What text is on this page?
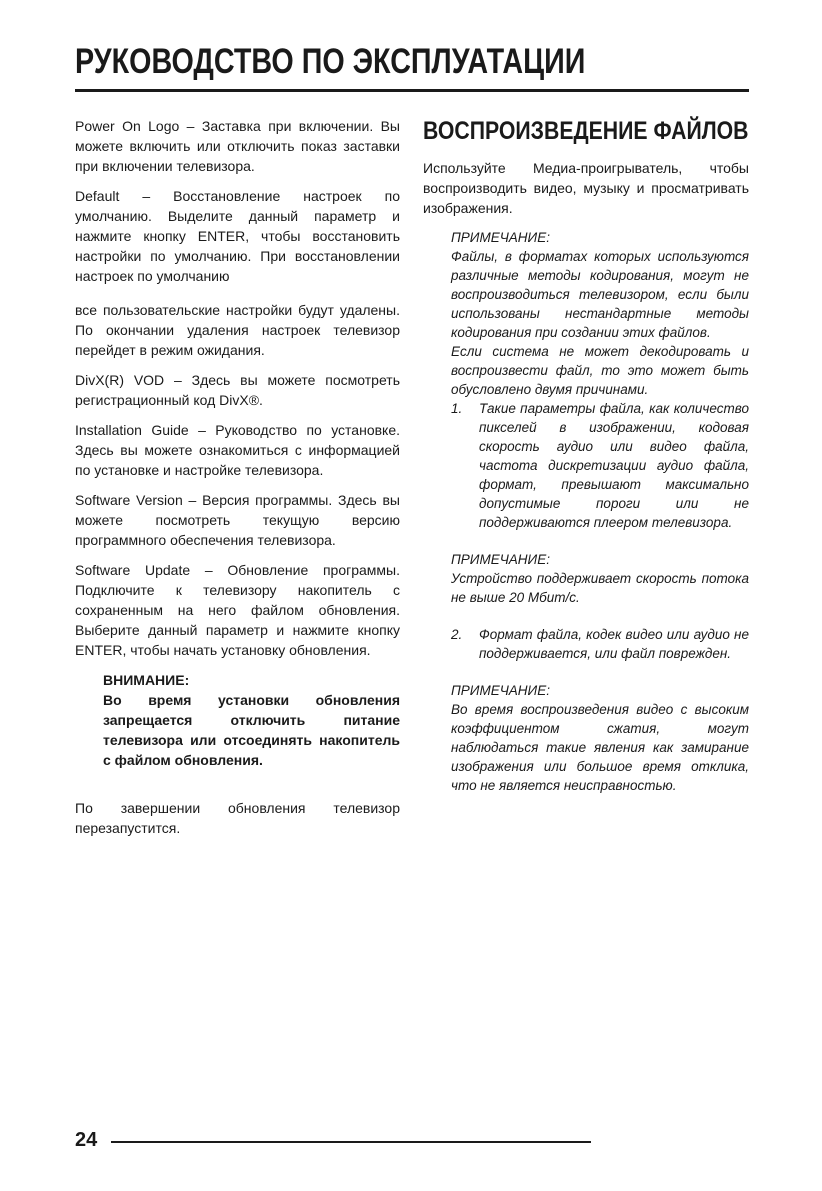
РУКОВОДСТВО ПО ЭКСПЛУАТАЦИИ

Power On Logo – Заставка при включении. Вы можете включить или отключить показ заставки при включении телевизора.

Default – Восстановление настроек по умолчанию. Выделите данный параметр и нажмите кнопку ENTER, чтобы восстановить настройки по умолчанию. При восстановлении настроек по умолчанию

все пользовательские настройки будут удалены. По окончании удаления настроек телевизор перейдет в режим ожидания.

DivX(R) VOD – Здесь вы можете посмотреть регистрационный код DivX®.

Installation Guide – Руководство по установке. Здесь вы можете ознакомиться с информацией по установке и настройке телевизора.

Software Version – Версия программы. Здесь вы можете посмотреть текущую версию программного обеспечения телевизора.

Software Update – Обновление программы. Подключите к телевизору накопитель с сохраненным на него файлом обновления. Выберите данный параметр и нажмите кнопку ENTER, чтобы начать установку обновления.

ВНИМАНИЕ:

Во время установки обновления запрещается отключить питание телевизора или отсоединять накопитель с файлом обновления.

По завершении обновления телевизор перезапустится.

ВОСПРОИЗВЕДЕНИЕ ФАЙЛОВ

Используйте Медиа-проигрыватель, чтобы воспроизводить видео, музыку и просматривать изображения.

ПРИМЕЧАНИЕ:

Файлы, в форматах которых используются различные методы кодирования, могут не воспроизводиться телевизором, если были использованы нестандартные методы кодирования при создании этих файлов.

Если система не может декодировать и воспроизвести файл, то это может быть обусловлено двумя причинами.

1.	Такие параметры файла, как количество пикселей в изображении, кодовая скорость аудио или видео файла, частота дискретизации аудио файла, формат, превышают максимально допустимые пороги или не поддерживаются плеером телевизора.

ПРИМЕЧАНИЕ:

Устройство поддерживает скорость потока не выше 20 Мбит/с.

2.	Формат файла, кодек видео или аудио не поддерживается, или файл поврежден.

ПРИМЕЧАНИЕ:

Во время воспроизведения видео с высоким коэффициентом сжатия, могут наблюдаться такие явления как замирание изображения или большое время отклика, что не является неисправностью.

24
